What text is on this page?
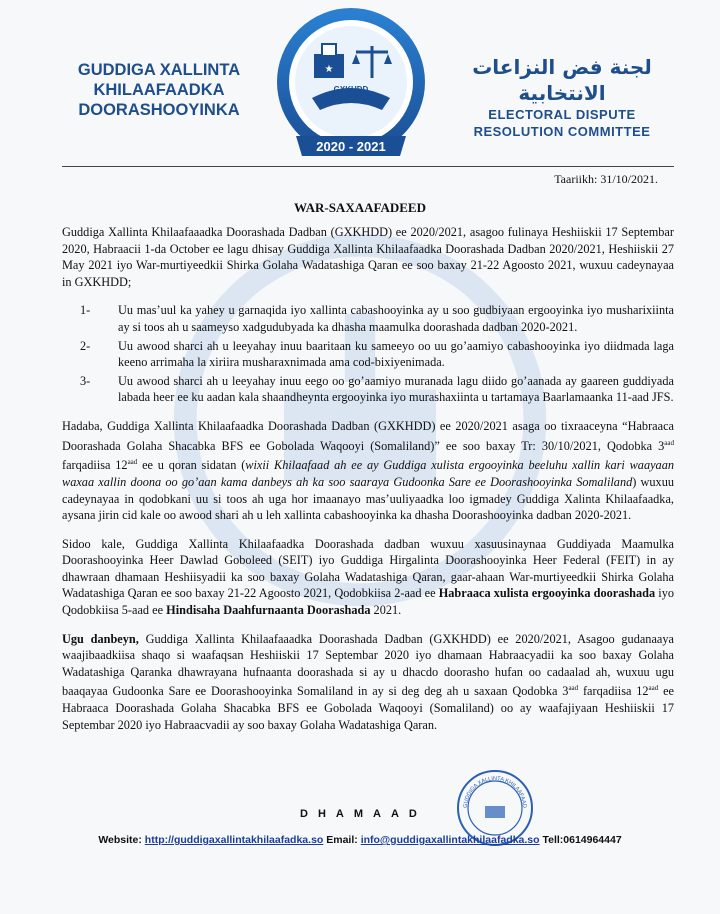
GUDDIGA XALLINTA
KHILAAFAADKA
DOORASHOOYINKA
★
GXKHDD
2020 - 2021
لجنة فض النزاعات الانتخابية
ELECTORAL DISPUTE
RESOLUTION COMMITTEE
Taariikh: 31/10/2021.
WAR-SAXAAFADEED

Guddiga Xallinta Khilaafaaadka Doorashada Dadban (GXKHDD) ee 2020/2021, asagoo fulinaya Heshiiskii 17 Septembar 2020, Habraacii 1-da October ee lagu dhisay Guddiga Xallinta Khilaafaadka Doorashada Dadban 2020/2021, Heshiiskii 27 May 2021 iyo War-murtiyeedkii Shirka Golaha Wadatashiga Qaran ee soo baxay 21-22 Agoosto 2021, wuxuu cadeynayaa in GXKHDD;

1-	Uu mas’uul ka yahey u garnaqida iyo xallinta cabashooyinka ay u soo gudbiyaan ergooyinka iyo musharixiinta ay si toos ah u saameyso xadgudubyada ka dhasha maamulka doorashada dadban 2020-2021.
2-	Uu awood sharci ah u leeyahay inuu baaritaan ku sameeyo oo uu go’aamiyo cabashooyinka iyo diidmada laga keeno arrimaha la xiriira musharaxnimada ama cod-bixiyenimada.
3-	Uu awood sharci ah u leeyahay inuu eego oo go’aamiyo muranada lagu diido go’aanada ay gaareen guddiyada labada heer ee ku aadan kala shaandheynta ergooyinka iyo murashaxiinta u tartamaya Baarlamaanka 11-aad JFS.

Hadaba, Guddiga Xallinta Khilaafaadka Doorashada Dadban (GXKHDD) ee 2020/2021 asaga oo tixraaceyna “Habraaca Doorashada Golaha Shacabka BFS ee Gobolada Waqooyi (Somaliland)” ee soo baxay Tr: 30/10/2021, Qodobka $3^{aad}$ farqadiisa $12^{aad}$ ee u qoran sidatan (wixii Khilaafaad ah ee ay Guddiga xulista ergooyinka beeluhu xallin kari waayaan waxaa xallin doona oo go’aan kama danbeys ah ka soo saaraya Gudoonka Sare ee Doorashooyinka Somaliland) wuxuu cadeynayaa in qodobkani uu si toos ah uga hor imaanayo mas’uuliyaadka loo igmadey Guddiga Xalinta Khilaafaadka, aysana jirin cid kale oo awood shari ah u leh xallinta cabashooyinka ka dhasha Doorashooyinka dadban 2020-2021.

Sidoo kale, Guddiga Xallinta Khilaafaadka Doorashada dadban wuxuu xasuusinaynaa Guddiyada Maamulka Doorashooyinka Heer Dawlad Goboleed (SEIT) iyo Guddiga Hirgalinta Doorashooyinka Heer Federal (FEIT) in ay dhawraan dhamaan Heshiisyadii ka soo baxay Golaha Wadatashiga Qaran, gaar-ahaan War-murtiyeedkii Shirka Golaha Wadatashiga Qaran ee soo baxay 21-22 Agoosto 2021, Qodobkiisa 2-aad ee Habraaca xulista ergooyinka doorashada iyo Qodobkiisa 5-aad ee Hindisaha Daahfurnaanta Doorashada 2021.

Ugu danbeyn, Guddiga Xallinta Khilaafaaadka Doorashada Dadban (GXKHDD) ee 2020/2021, Asagoo gudanaaya waajibaadkiisa shaqo si waafaqsan Heshiiskii 17 Septembar 2020 iyo dhamaan Habraacyadii ka soo baxay Golaha Wadatashiga Qaranka dhawrayana hufnaanta doorashada si ay u dhacdo doorasho hufan oo cadaalad ah, wuxuu ugu baaqayaa Gudoonka Sare ee Doorashooyinka Somaliland in ay si deg deg ah u saxaan Qodobka $3^{aad}$ farqadiisa $12^{aad}$ ee Habraaca Doorashada Golaha Shacabka BFS ee Gobolada Waqooyi (Somaliland) oo ay waafajiyaan Heshiiskii 17 Septembar 2020 iyo Habraacvadii ay soo baxay Golaha Wadatashiga Qaran.

DHAMAAD
GUDDIGA XALLINTA KHILAAFAAD
Website: http://guddigaxallintakhilaafadka.so Email: info@guddigaxallintakhilaafadka.so Tell:0614964447
